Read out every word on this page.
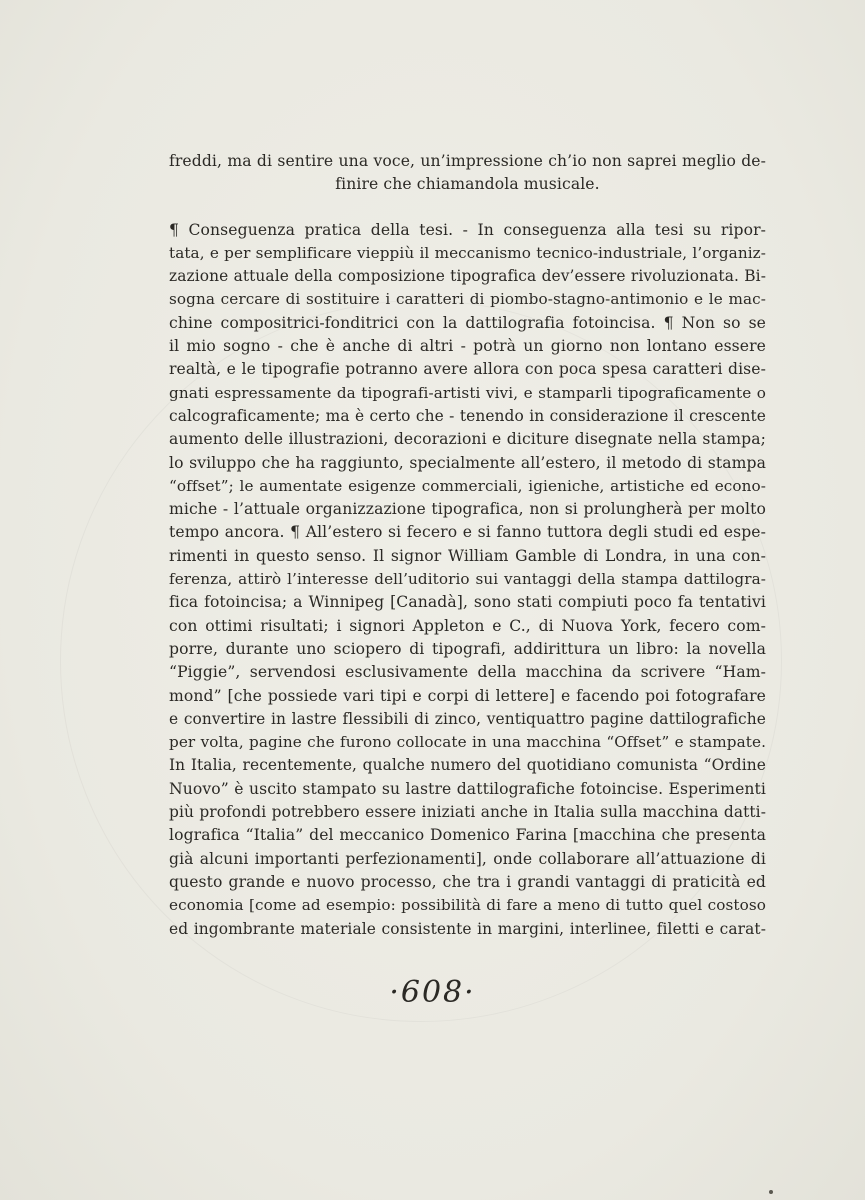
freddi, ma di sentire una voce, un’impressione ch’io non saprei meglio de-
finire che chiamandola musicale.
¶ Conseguenza pratica della tesi. - In conseguenza alla tesi su ripor-
tata, e per semplificare vieppiù il meccanismo tecnico-industriale, l’organiz-
zazione attuale della composizione tipografica dev’essere rivoluzionata. Bi-
sogna cercare di sostituire i caratteri di piombo-stagno-antimonio e le mac-
chine compositrici-fonditrici con la dattilografia fotoincisa. ¶ Non so se
il mio sogno - che è anche di altri - potrà un giorno non lontano essere
realtà, e le tipografie potranno avere allora con poca spesa caratteri dise-
gnati espressamente da tipografi-artisti vivi, e stamparli tipograficamente o
calcograficamente; ma è certo che - tenendo in considerazione il crescente
aumento delle illustrazioni, decorazioni e diciture disegnate nella stampa;
lo sviluppo che ha raggiunto, specialmente all’estero, il metodo di stampa
“offset”; le aumentate esigenze commerciali, igieniche, artistiche ed econo-
miche - l’attuale organizzazione tipografica, non si prolungherà per molto
tempo ancora. ¶ All’estero si fecero e si fanno tuttora degli studi ed espe-
rimenti in questo senso. Il signor William Gamble di Londra, in una con-
ferenza, attirò l’interesse dell’uditorio sui vantaggi della stampa dattilogra-
fica fotoincisa; a Winnipeg [Canadà], sono stati compiuti poco fa tentativi
con ottimi risultati; i signori Appleton e C., di Nuova York, fecero com-
porre, durante uno sciopero di tipografi, addirittura un libro: la novella
“Piggie”, servendosi esclusivamente della macchina da scrivere “Ham-
mond” [che possiede vari tipi e corpi di lettere] e facendo poi fotografare
e convertire in lastre flessibili di zinco, ventiquattro pagine dattilografiche
per volta, pagine che furono collocate in una macchina “Offset” e stampate.
In Italia, recentemente, qualche numero del quotidiano comunista “Ordine
Nuovo” è uscito stampato su lastre dattilografiche fotoincise. Esperimenti
più profondi potrebbero essere iniziati anche in Italia sulla macchina datti-
lografica “Italia” del meccanico Domenico Farina [macchina che presenta
già alcuni importanti perfezionamenti], onde collaborare all’attuazione di
questo grande e nuovo processo, che tra i grandi vantaggi di praticità ed
economia [come ad esempio: possibilità di fare a meno di tutto quel costoso
ed ingombrante materiale consistente in margini, interlinee, filetti e carat-
·608·
